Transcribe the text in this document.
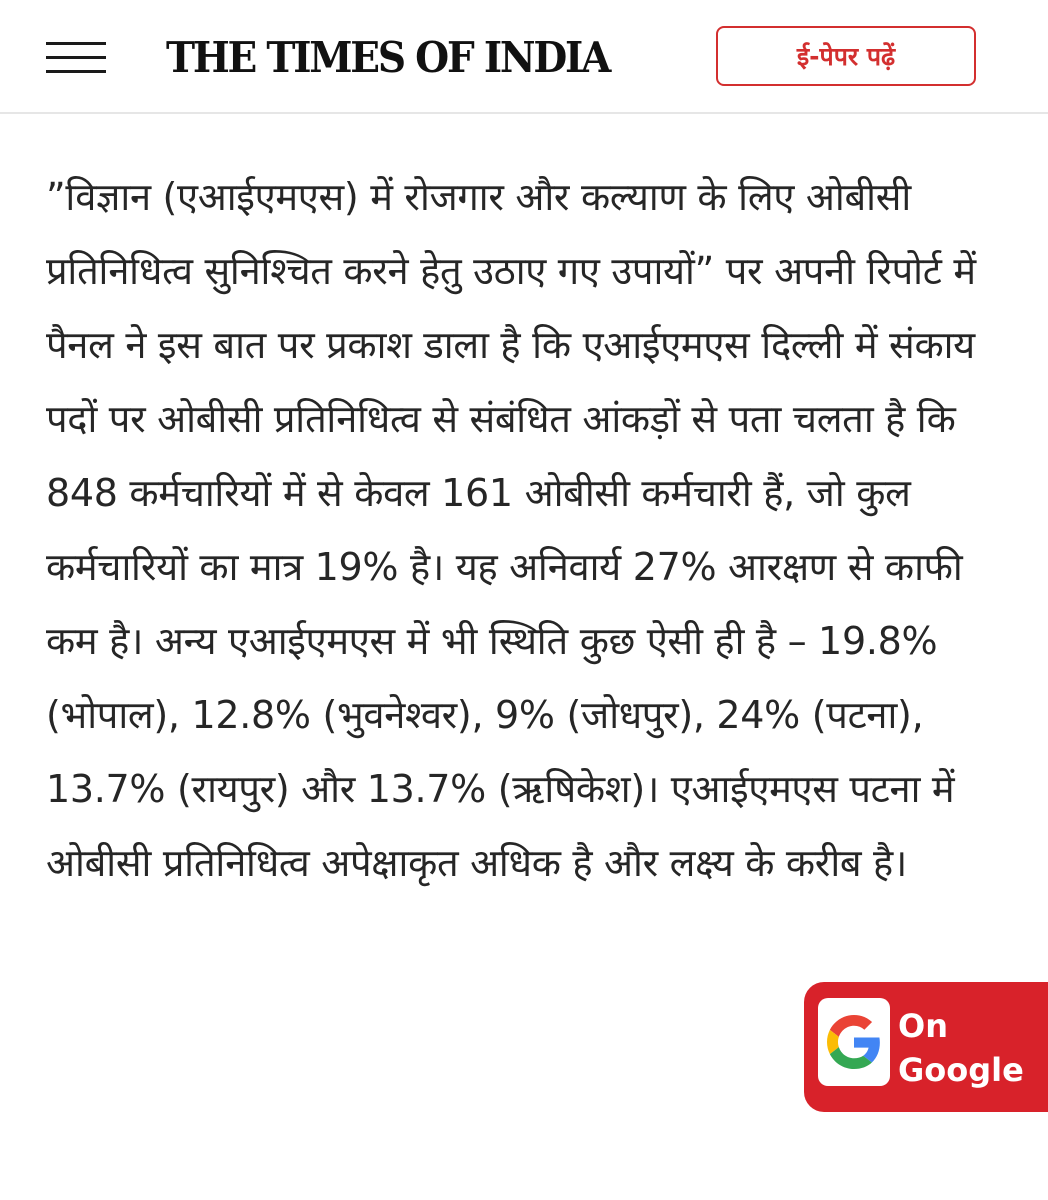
THE TIMES OF INDIA	ई-पेपर पढ़ें

”विज्ञान (एआईएमएस) में रोजगार और कल्याण के लिए ओबीसी प्रतिनिधित्व सुनिश्चित करने हेतु उठाए गए उपायों” पर अपनी रिपोर्ट में पैनल ने इस बात पर प्रकाश डाला है कि एआईएमएस दिल्ली में संकाय पदों पर ओबीसी प्रतिनिधित्व से संबंधित आंकड़ों से पता चलता है कि 848 कर्मचारियों में से केवल 161 ओबीसी कर्मचारी हैं, जो कुल कर्मचारियों का मात्र 19% है। यह अनिवार्य 27% आरक्षण से काफी कम है। अन्य एआईएमएस में भी स्थिति कुछ ऐसी ही है – 19.8% (भोपाल), 12.8% (भुवनेश्वर), 9% (जोधपुर), 24% (पटना), 13.7% (रायपुर) और 13.7% (ऋषिकेश)। एआईएमएस पटना में ओबीसी प्रतिनिधित्व अपेक्षाकृत अधिक है और लक्ष्य के करीब है।

On
Google
